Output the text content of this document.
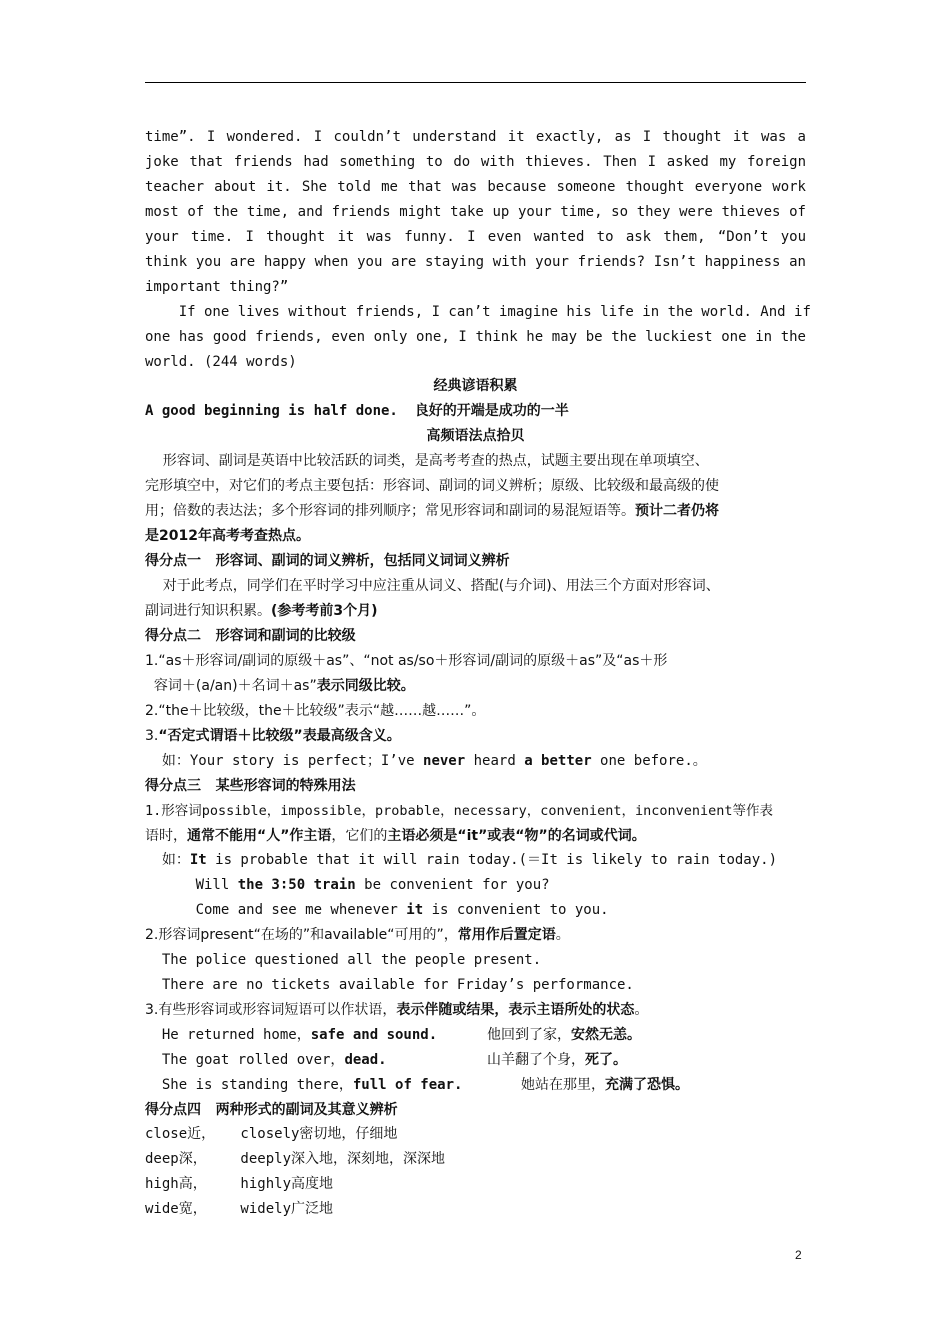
time”. I wondered. I couldn’t understand it exactly, as I thought it was a
joke that friends had something to do with thieves. Then I asked my foreign
teacher about it. She told me that was because someone thought everyone work
most of the time, and friends might take up your time, so they were thieves of
your time. I thought it was funny. I even wanted to ask them, “Don’t you
think you are happy when you are staying with your friends? Isn’t happiness an
important thing?”
If one lives without friends, I can’t imagine his life in the world. And if
one has good friends, even only one, I think he may be the luckiest one in the
world. (244 words)
经典谚语积累
A good beginning is half done. 良好的开端是成功的一半
高频语法点拾贝
形容词、副词是英语中比较活跃的词类，是高考考查的热点，试题主要出现在单项填空、
完形填空中，对它们的考点主要包括：形容词、副词的词义辨析；原级、比较级和最高级的使
用；倍数的表达法；多个形容词的排列顺序；常见形容词和副词的易混短语等。预计二者仍将
是2012年高考考查热点。
得分点一   形容词、副词的词义辨析，包括同义词词义辨析
对于此考点，同学们在平时学习中应注重从词义、搭配(与介词)、用法三个方面对形容词、
副词进行知识积累。(参考考前3个月)
得分点二   形容词和副词的比较级
1.“as＋形容词/副词的原级＋as”、“not as/so＋形容词/副词的原级＋as”及“as＋形
容词＋(a/an)＋名词＋as”表示同级比较。
2.“the＋比较级，the＋比较级”表示“越……越……”。
3.“否定式谓语＋比较级”表最高级含义。
如：Your story is perfect；I’ve never heard a better one before.。
得分点三   某些形容词的特殊用法
1.形容词possible，impossible，probable，necessary，convenient，inconvenient等作表
语时，通常不能用“人”作主语，它们的主语必须是“it”或表“物”的名词或代词。
如：It is probable that it will rain today.(＝It is likely to rain today.)
Will the 3∶50 train be convenient for you?
Come and see me whenever it is convenient to you.
2.形容词present“在场的”和available“可用的”，常用作后置定语。
The police questioned all the people present.
There are no tickets available for Friday’s performance.
3.有些形容词或形容词短语可以作状语，表示伴随或结果，表示主语所处的状态。
He returned home，safe and sound.	他回到了家，安然无恙。
The goat rolled over，dead.	山羊翻了个身，死了。
She is standing there，full of fear.	她站在那里，充满了恐惧。
得分点四   两种形式的副词及其意义辨析
close近，   closely密切地，仔细地
deep深，    deeply深入地，深刻地，深深地
high高，    highly高度地
wide宽，    widely广泛地
2
